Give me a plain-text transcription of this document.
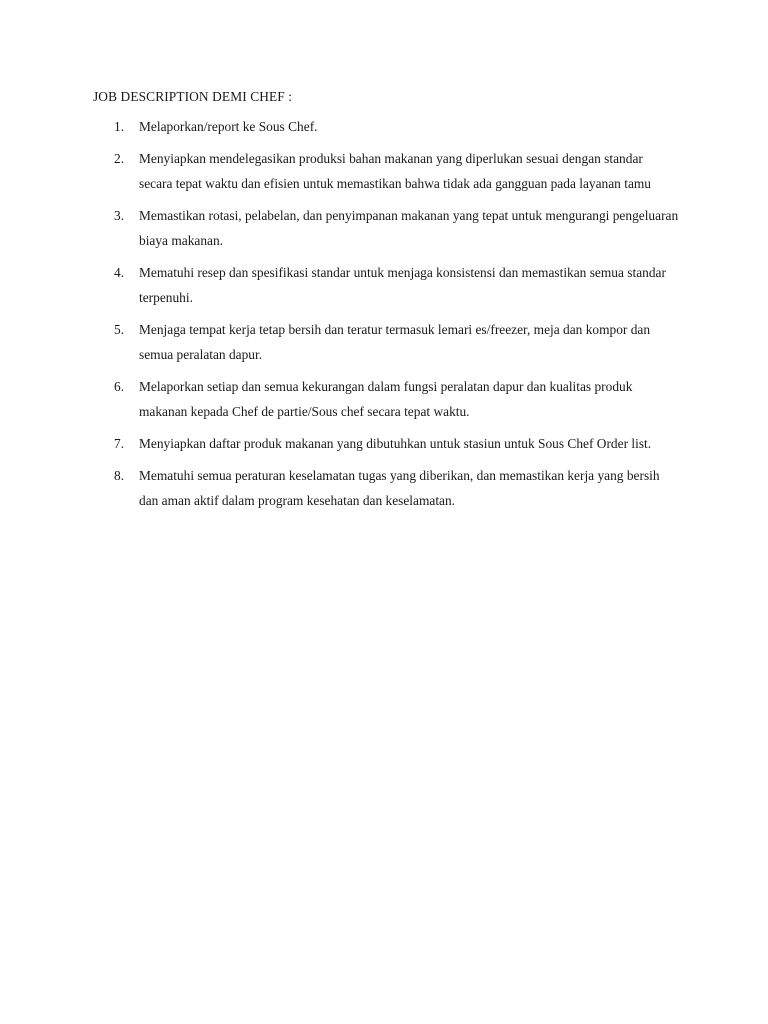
JOB DESCRIPTION DEMI CHEF :
1.	Melaporkan/report ke Sous Chef.
2.	Menyiapkan mendelegasikan produksi bahan makanan yang diperlukan sesuai dengan standar secara tepat waktu dan efisien untuk memastikan bahwa tidak ada gangguan pada layanan tamu
3.	Memastikan rotasi, pelabelan, dan penyimpanan makanan yang tepat untuk mengurangi pengeluaran biaya makanan.
4.	Mematuhi resep dan spesifikasi standar untuk menjaga konsistensi dan memastikan semua standar terpenuhi.
5.	Menjaga tempat kerja tetap bersih dan teratur termasuk lemari es/freezer, meja dan kompor dan semua peralatan dapur.
6.	Melaporkan setiap dan semua kekurangan dalam fungsi peralatan dapur dan kualitas produk makanan kepada Chef de partie/Sous chef secara tepat waktu.
7.	Menyiapkan daftar produk makanan yang dibutuhkan untuk stasiun untuk Sous Chef Order list.
8.	Mematuhi semua peraturan keselamatan tugas yang diberikan, dan memastikan kerja yang bersih dan aman aktif dalam program kesehatan dan keselamatan.
